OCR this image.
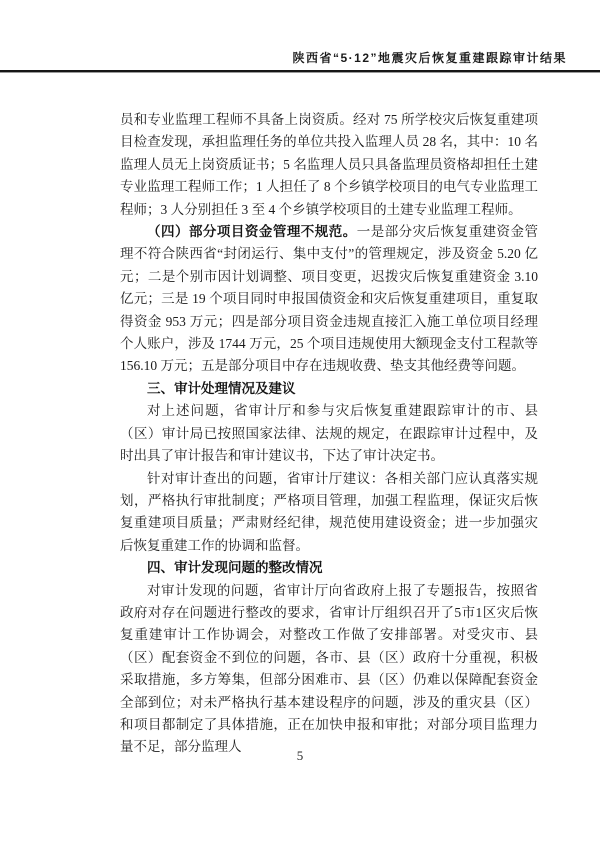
陕西省“5·12”地震灾后恢复重建跟踪审计结果

员和专业监理工程师不具备上岗资质。经对 75 所学校灾后恢复重建项目检查发现，承担监理任务的单位共投入监理人员 28 名，其中：10 名监理人员无上岗资质证书；5 名监理人员只具备监理员资格却担任土建专业监理工程师工作；1 人担任了 8 个乡镇学校项目的电气专业监理工程师；3 人分别担任 3 至 4 个乡镇学校项目的土建专业监理工程师。

（四）部分项目资金管理不规范。一是部分灾后恢复重建资金管理不符合陕西省“封闭运行、集中支付”的管理规定，涉及资金 5.20 亿元；二是个别市因计划调整、项目变更，迟拨灾后恢复重建资金 3.10 亿元；三是 19 个项目同时申报国债资金和灾后恢复重建项目，重复取得资金 953 万元；四是部分项目资金违规直接汇入施工单位项目经理个人账户，涉及 1744 万元，25 个项目违规使用大额现金支付工程款等 156.10 万元；五是部分项目中存在违规收费、垫支其他经费等问题。

三、审计处理情况及建议

对上述问题，省审计厅和参与灾后恢复重建跟踪审计的市、县（区）审计局已按照国家法律、法规的规定，在跟踪审计过程中，及时出具了审计报告和审计建议书，下达了审计决定书。

针对审计查出的问题，省审计厅建议：各相关部门应认真落实规划，严格执行审批制度；严格项目管理，加强工程监理，保证灾后恢复重建项目质量；严肃财经纪律，规范使用建设资金；进一步加强灾后恢复重建工作的协调和监督。

四、审计发现问题的整改情况

对审计发现的问题，省审计厅向省政府上报了专题报告，按照省政府对存在问题进行整改的要求，省审计厅组织召开了5市1区灾后恢复重建审计工作协调会，对整改工作做了安排部署。对受灾市、县（区）配套资金不到位的问题，各市、县（区）政府十分重视，积极采取措施，多方筹集，但部分困难市、县（区）仍难以保障配套资金全部到位；对未严格执行基本建设程序的问题，涉及的重灾县（区）和项目都制定了具体措施，正在加快申报和审批；对部分项目监理力量不足，部分监理人

5
